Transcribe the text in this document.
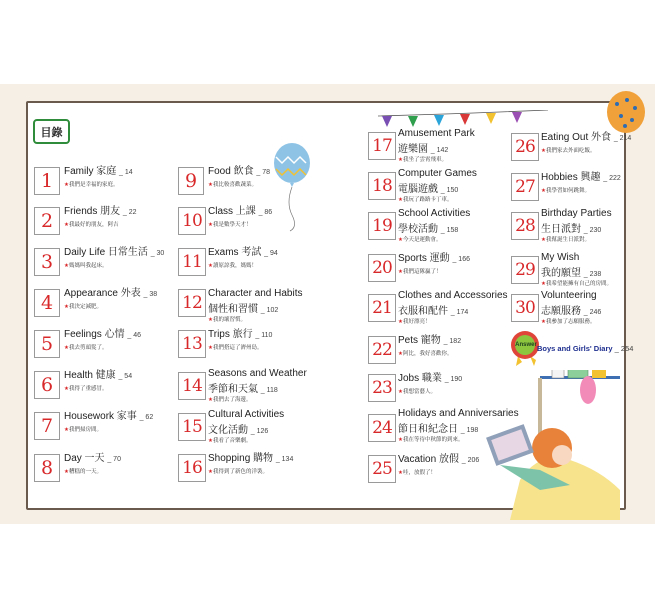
目錄
1	Family 家庭 _ 14
★我們是幸福的家庭。
2	Friends 朋友 _ 22
★我最好的朋友，阿吉
3	Daily Life 日常生活 _ 30
★媽媽叫我起床。
4	Appearance 外表 _ 38
★我決定減肥。
5	Feelings 心情 _ 46
★我去剪頭髮了。
6	Health 健康 _ 54
★我得了重感冒。
7	Housework 家事 _ 62
★我們掃房間。
8	Day 一天 _ 70
★糟糕的一天。
9	Food 飲食 _ 78
★我比較喜歡蔬菜。
10 Class 上課 _ 86
★我是數學天才！
11 Exams 考試 _ 94
★讀原諒我，媽媽！
12 Character and Habits
個性和習慣 _ 102
★我的壞習慣。
13 Trips 旅行 _ 110
★我們搭這了濟州島。
14
Seasons and Weather
季節和天氣 _ 118
★我們去了海邊。
15
Cultural Activities
文化活動 _ 126
★我看了音樂劇。
16 Shopping 購物 _ 134
★我得到了新色的洋裝。
17
Amusement Park
遊樂園 _ 142
★我坐了雲霄飛車。
18
Computer Games
電腦遊戲 _ 150
★我玩了路路卡丁車。
19
School Activities
學校活動 _ 158
★今天是運動會。
20 Sports 運動 _ 166
★我們這隊贏了！
21
Clothes and Accessories
衣服和配件 _ 174
★我好漂亮！
22 Pets 寵物 _ 182
★阿比，我好喜歡你。
23 Jobs 職業 _ 190
★我想當藝人。
24
Holidays and Anniversaries
節日和紀念日 _ 198
★我在等待中秋節的到來。
25 Vacation 放假 _ 206
★哇，放假了！
26 Eating Out 外食 _ 214
★我們家去外面吃飯。
27 Hobbies 興趣 _ 222
★我學習如何跳舞。
28
Birthday Parties
生日派對 _ 230
★我幫誕生日派對。
29
My Wish
我的願望 _ 238
★我希望能擁有自己的房間。
30
Volunteering
志願服務 _ 246
★我參加了志願服務。
Answer Boys and Girls' Diary _ 254
